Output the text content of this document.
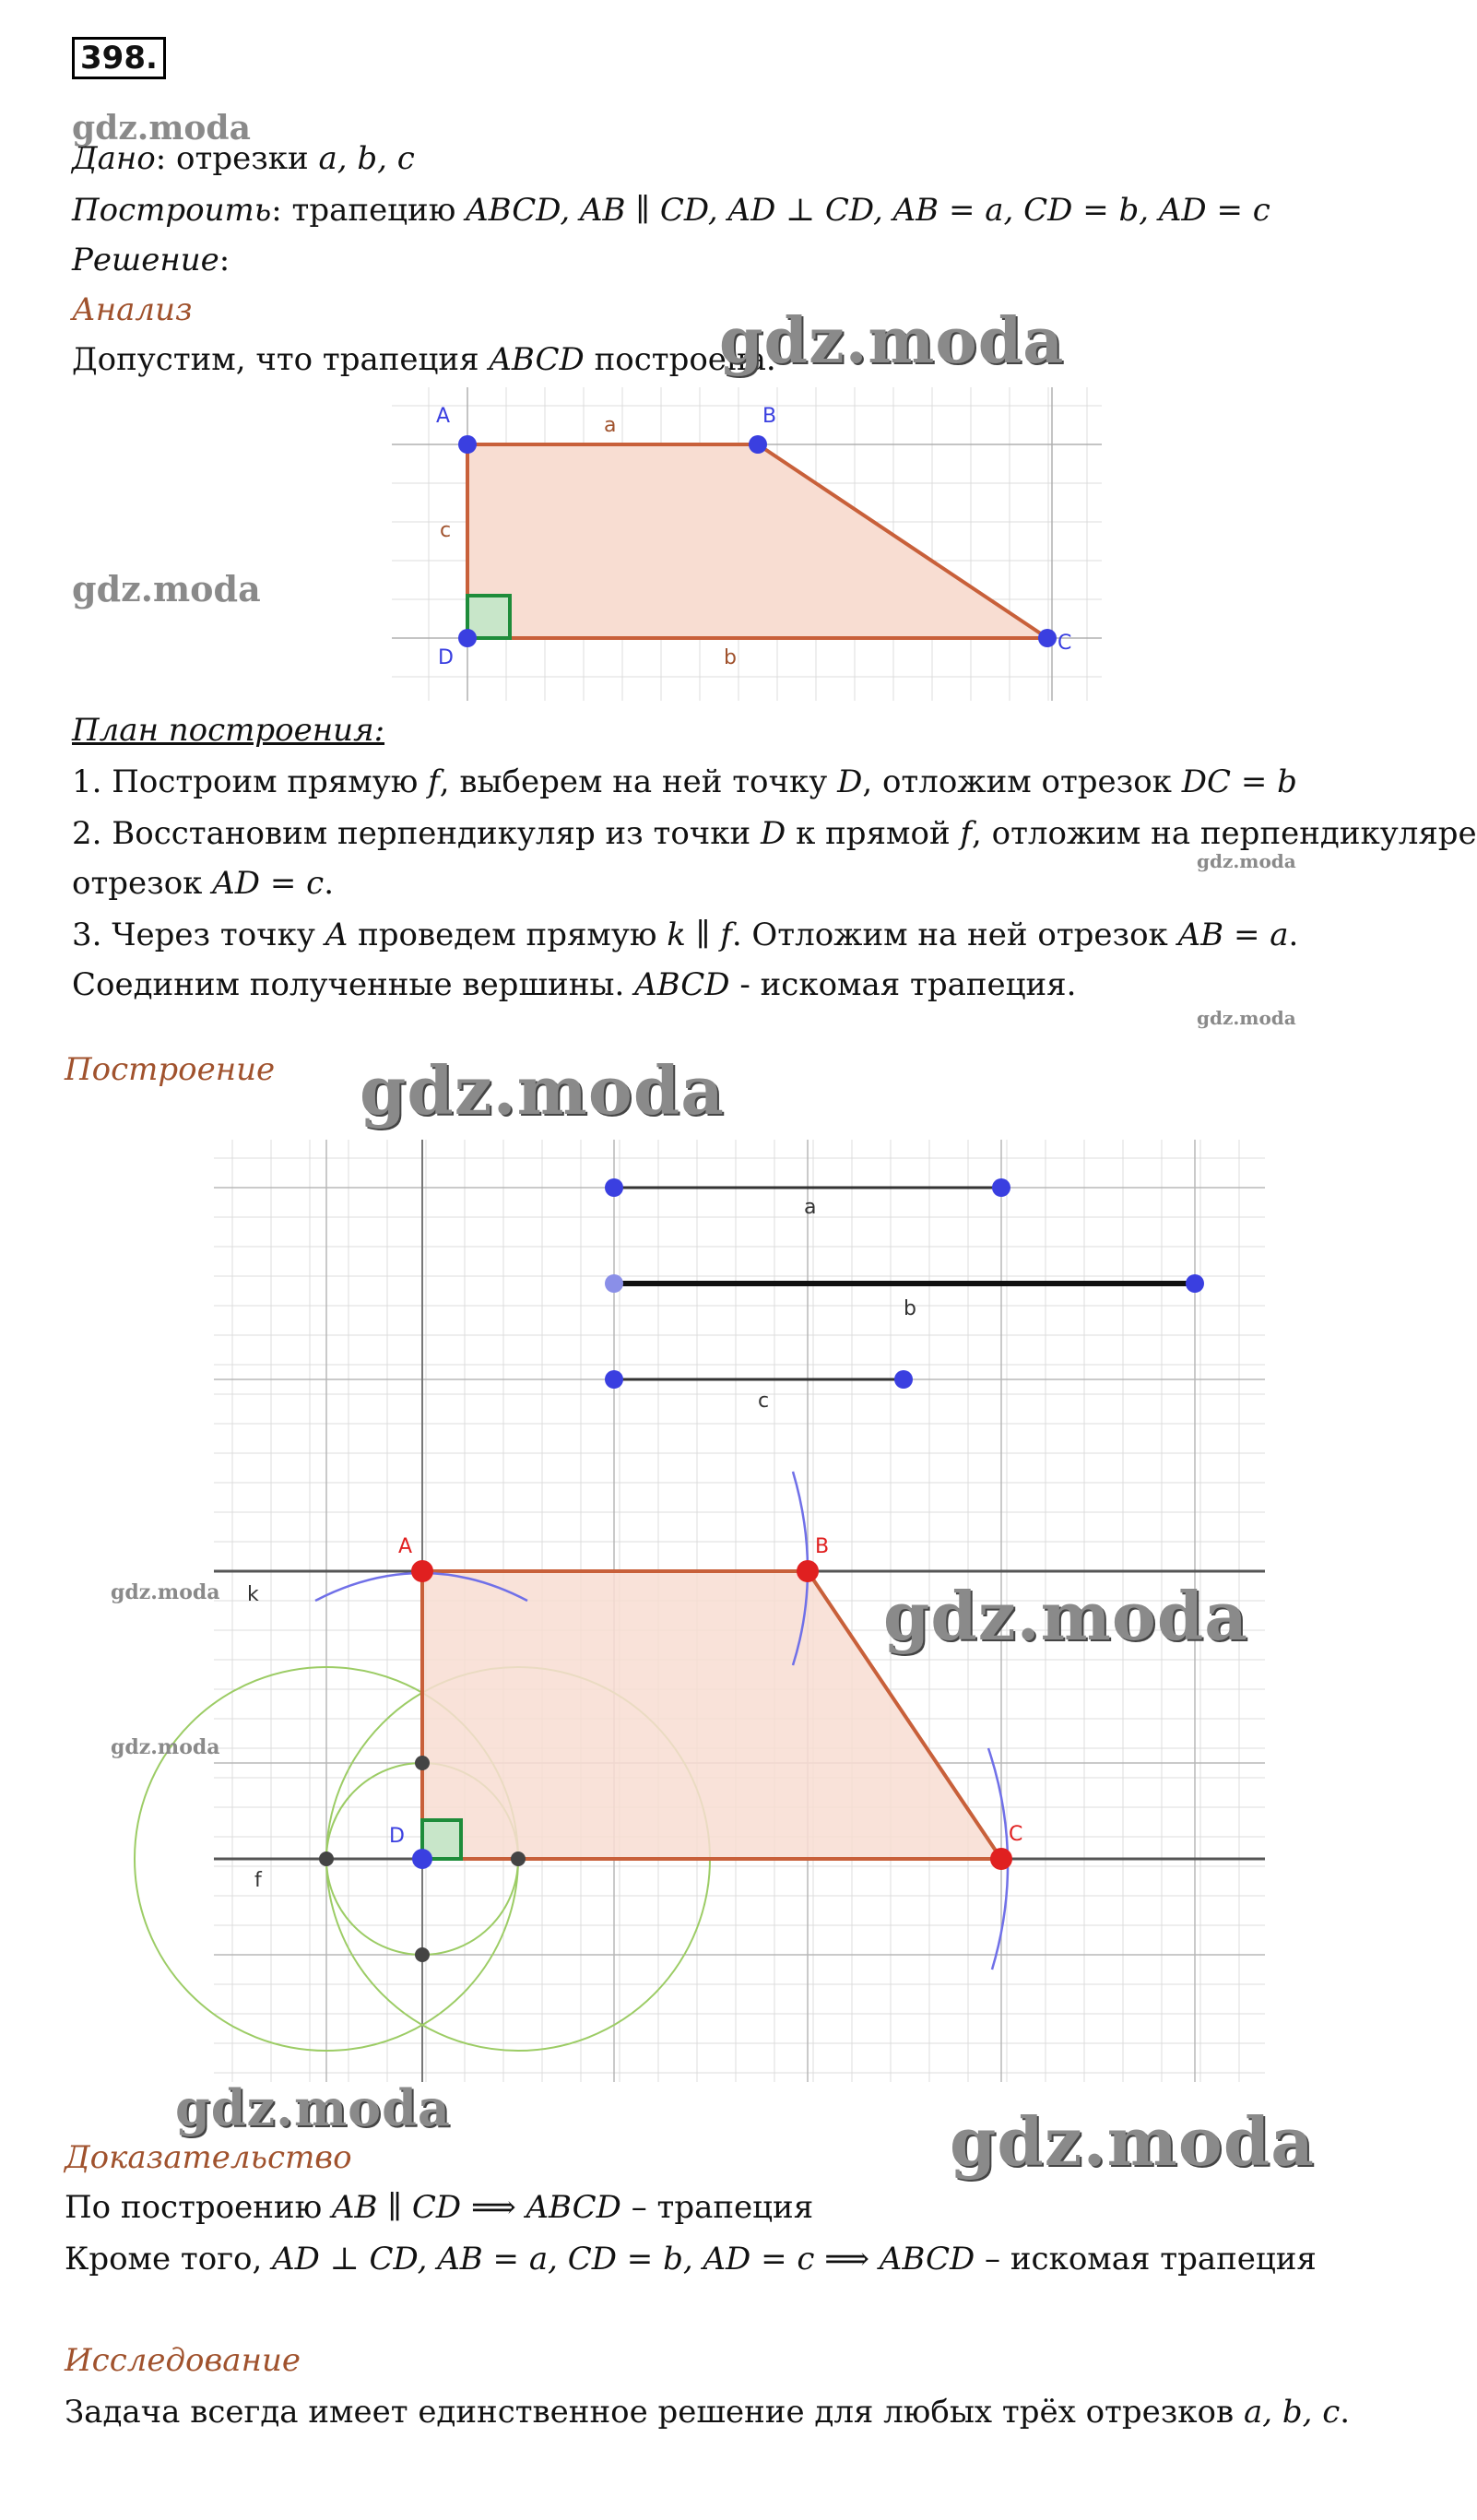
398.
Дано: отрезки a, b, c
Построить: трапецию ABCD, AB ∥ CD, AD ⊥ CD, AB = a, CD = b, AD = c
Решение:
Анализ
Допустим, что трапеция ABCD построена.
A	B
C
D
a
b
c
План построения:
1. Построим прямую f, выберем на ней точку D, отложим отрезок DC = b
2. Восстановим перпендикуляр из точки D к прямой f, отложим на перпендикуляре
отрезок AD = c.
3. Через точку A проведем прямую k ∥ f. Отложим на ней отрезок AB = a.
Соединим полученные вершины. ABCD - искомая трапеция.
Построение
a
b
c
A	B
C
D
k
f
Доказательство
По построению AB ∥ CD ⟹ ABCD – трапеция
Кроме того, AD ⊥ CD, AB = a, CD = b, AD = c ⟹ ABCD – искомая трапеция
Исследование
Задача всегда имеет единственное решение для любых трёх отрезков a, b, c.
gdz.moda
gdz.moda
gdz.moda
gdz.moda
gdz.moda
gdz.moda
gdz.moda	gdz.moda
gdz.moda
gdz.moda	gdz.moda
